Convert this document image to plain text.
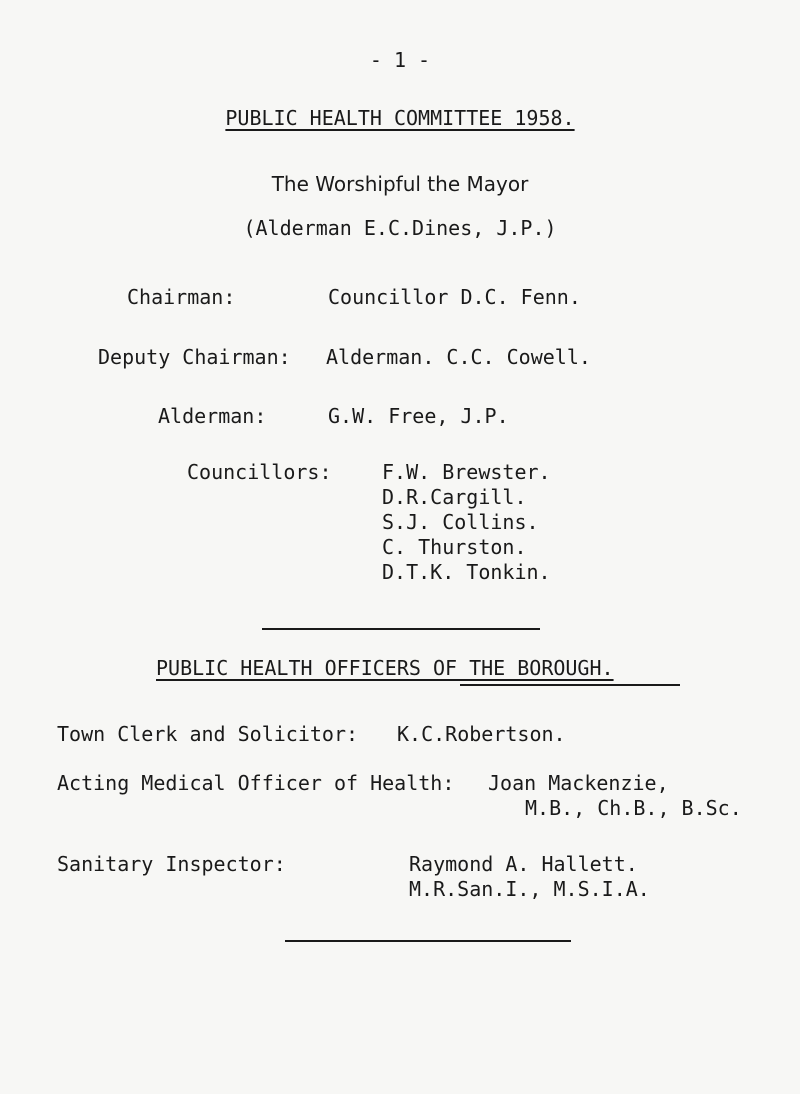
- 1 -
PUBLIC HEALTH COMMITTEE 1958.
The Worshipful the Mayor
(Alderman E.C.Dines, J.P.)
Chairman:	Councillor D.C. Fenn.
Deputy Chairman: Alderman. C.C. Cowell.
Alderman:	G.W. Free, J.P.
Councillors:	F.W. Brewster.
D.R.Cargill.
S.J. Collins.
C. Thurston.
D.T.K. Tonkin.
PUBLIC HEALTH OFFICERS OF THE BOROUGH.
Town Clerk and Solicitor: K.C.Robertson.
Acting Medical Officer of Health: Joan Mackenzie,
M.B., Ch.B., B.Sc.
Sanitary Inspector:	Raymond A. Hallett.
M.R.San.I., M.S.I.A.
